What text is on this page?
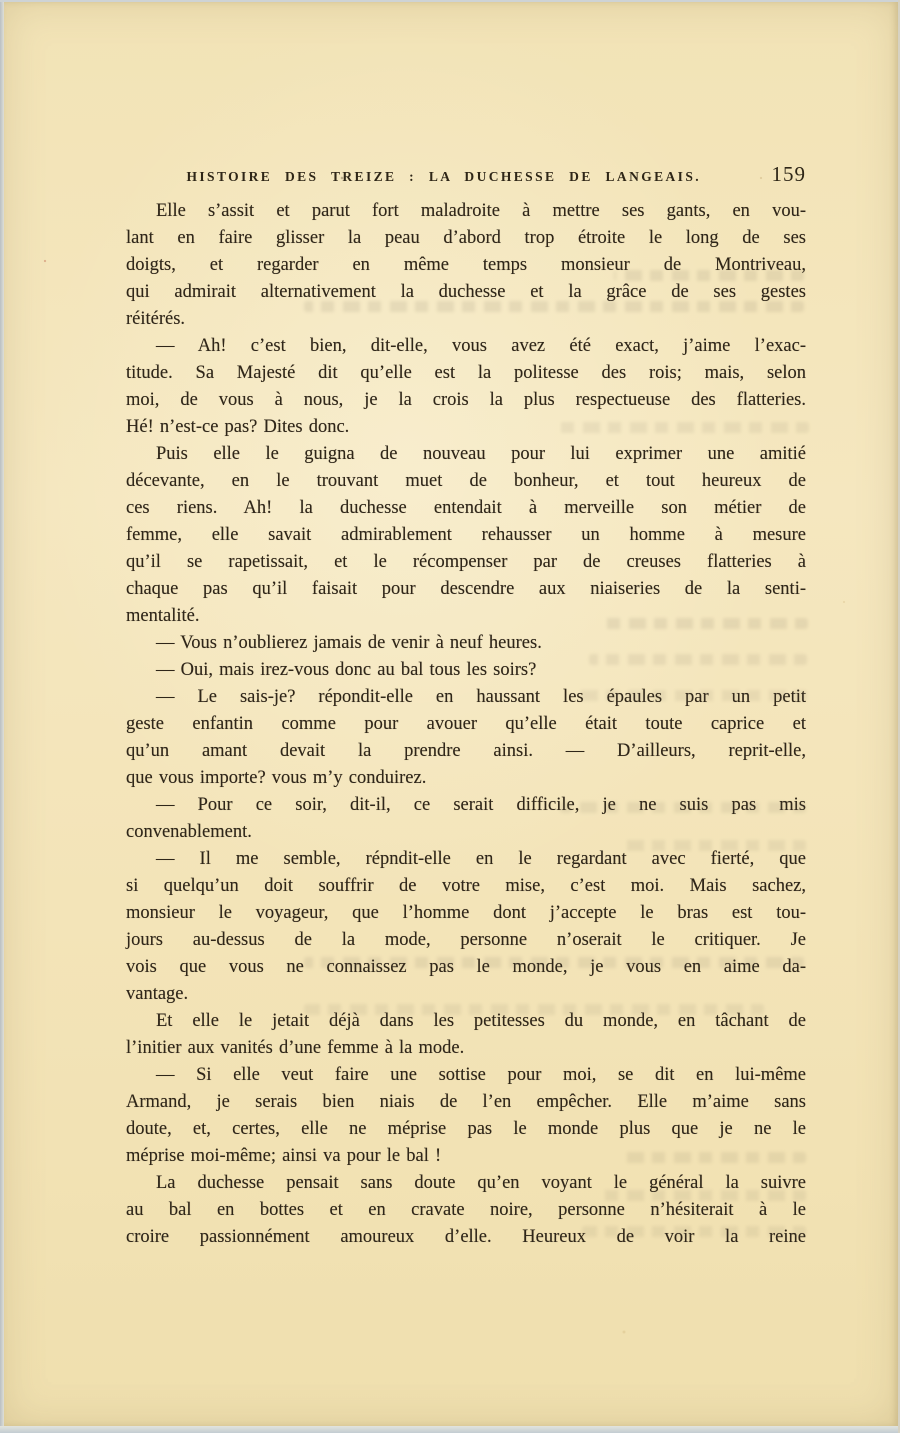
HISTOIRE DES TREIZE : LA DUCHESSE DE LANGEAIS.	159
Elle s’assit et parut fort maladroite à mettre ses gants, en vou-
lant en faire glisser la peau d’abord trop étroite le long de ses
doigts, et regarder en même temps monsieur de Montriveau,
qui admirait alternativement la duchesse et la grâce de ses gestes
réitérés.
— Ah! c’est bien, dit-elle, vous avez été exact, j’aime l’exac-
titude. Sa Majesté dit qu’elle est la politesse des rois; mais, selon
moi, de vous à nous, je la crois la plus respectueuse des flatteries.
Hé! n’est-ce pas? Dites donc.
Puis elle le guigna de nouveau pour lui exprimer une amitié
décevante, en le trouvant muet de bonheur, et tout heureux de
ces riens. Ah! la duchesse entendait à merveille son métier de
femme, elle savait admirablement rehausser un homme à mesure
qu’il se rapetissait, et le récompenser par de creuses flatteries à
chaque pas qu’il faisait pour descendre aux niaiseries de la senti-
mentalité.
— Vous n’oublierez jamais de venir à neuf heures.
— Oui, mais irez-vous donc au bal tous les soirs?
— Le sais-je? répondit-elle en haussant les épaules par un petit
geste enfantin comme pour avouer qu’elle était toute caprice et
qu’un amant devait la prendre ainsi. — D’ailleurs, reprit-elle,
que vous importe? vous m’y conduirez.
— Pour ce soir, dit-il, ce serait difficile, je ne suis pas mis
convenablement.
— Il me semble, répndit-elle en le regardant avec fierté, que
si quelqu’un doit souffrir de votre mise, c’est moi. Mais sachez,
monsieur le voyageur, que l’homme dont j’accepte le bras est tou-
jours au-dessus de la mode, personne n’oserait le critiquer. Je
vois que vous ne connaissez pas le monde, je vous en aime da-
vantage.
Et elle le jetait déjà dans les petitesses du monde, en tâchant de
l’initier aux vanités d’une femme à la mode.
— Si elle veut faire une sottise pour moi, se dit en lui-même
Armand, je serais bien niais de l’en empêcher. Elle m’aime sans
doute, et, certes, elle ne méprise pas le monde plus que je ne le
méprise moi-même; ainsi va pour le bal !
La duchesse pensait sans doute qu’en voyant le général la suivre
au bal en bottes et en cravate noire, personne n’hésiterait à le
croire passionnément amoureux d’elle. Heureux de voir la reine
